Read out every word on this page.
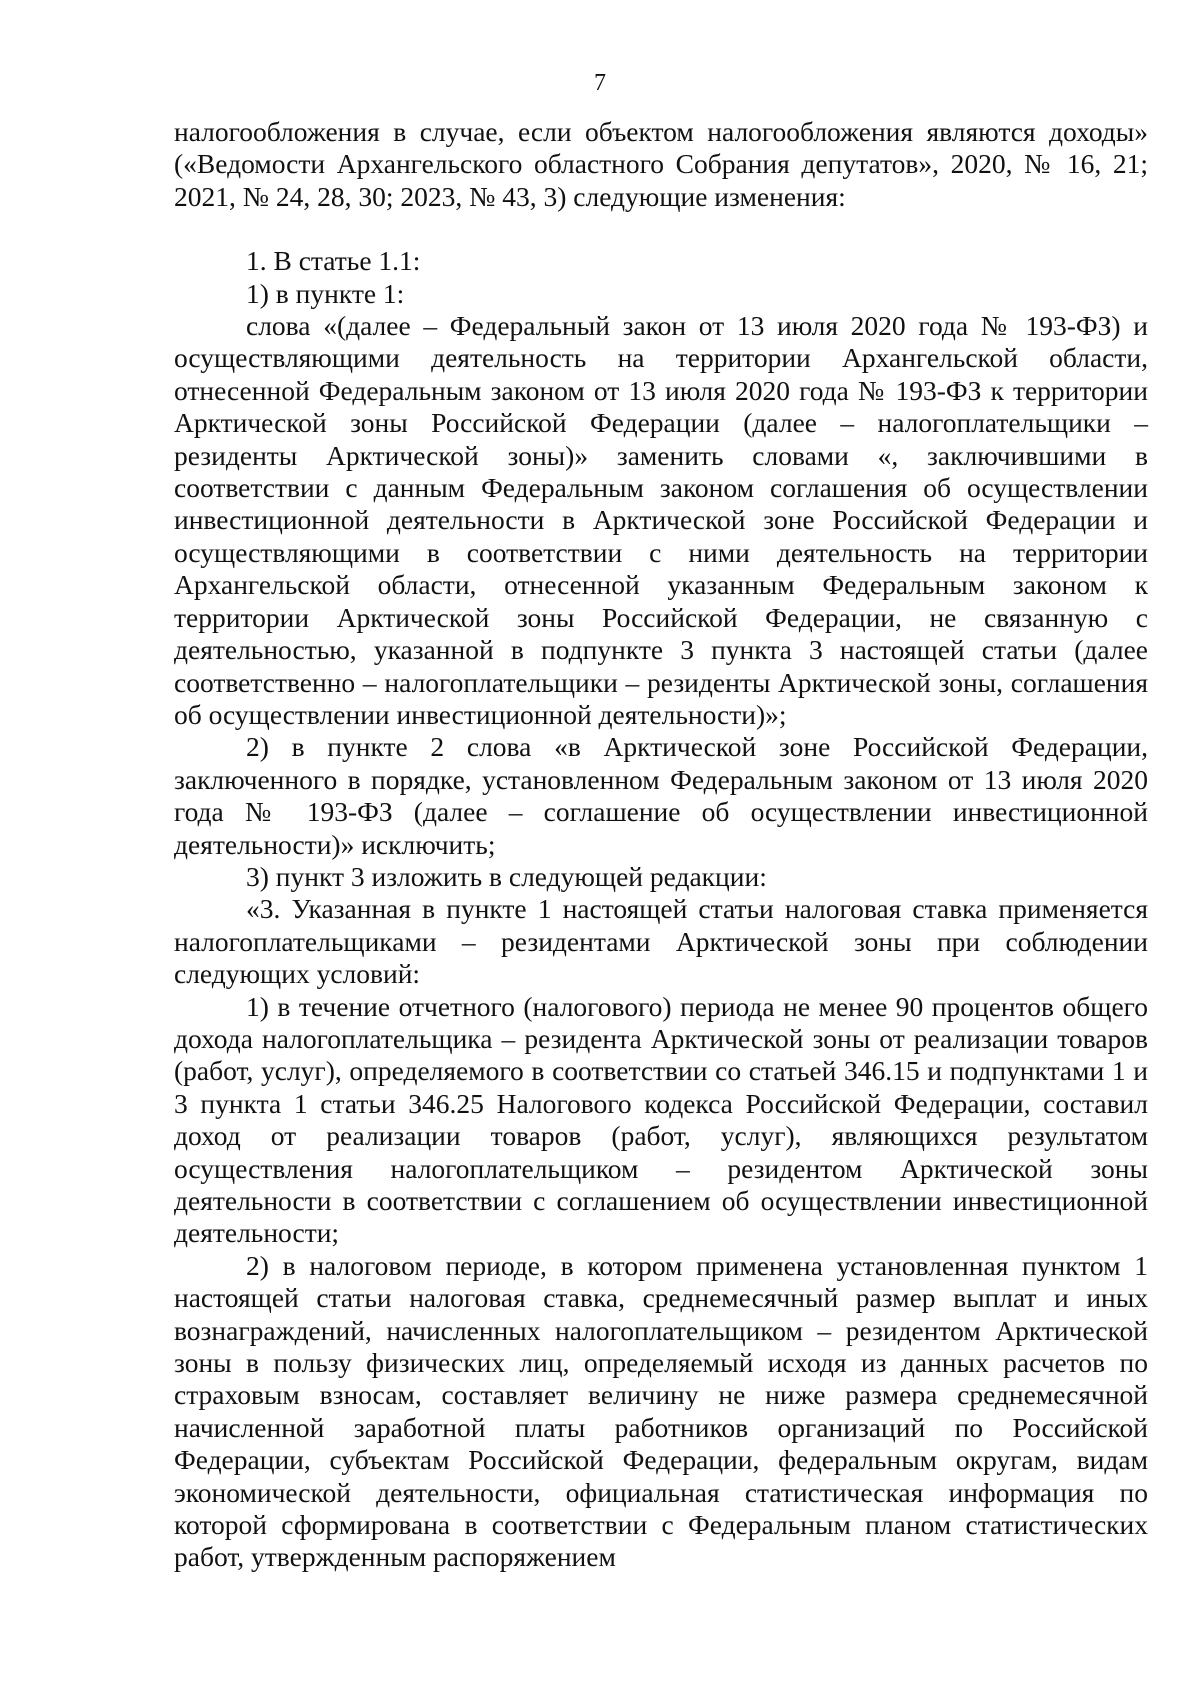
7

налогообложения в случае, если объектом налогообложения являются доходы» («Ведомости Архангельского областного Собрания депутатов», 2020, № 16, 21; 2021, № 24, 28, 30; 2023, № 43, 3) следующие изменения:

1. В статье 1.1:

1) в пункте 1:

слова «(далее – Федеральный закон от 13 июля 2020 года № 193-ФЗ) и осуществляющими деятельность на территории Архангельской области, отнесенной Федеральным законом от 13 июля 2020 года № 193-ФЗ к территории Арктической зоны Российской Федерации (далее – налогоплательщики – резиденты Арктической зоны)» заменить словами «, заключившими в соответствии с данным Федеральным законом соглашения об осуществлении инвестиционной деятельности в Арктической зоне Российской Федерации и осуществляющими в соответствии с ними деятельность на территории Архангельской области, отнесенной указанным Федеральным законом к территории Арктической зоны Российской Федерации, не связанную с деятельностью, указанной в подпункте 3 пункта 3 настоящей статьи (далее соответственно – налогоплательщики – резиденты Арктической зоны, соглашения об осуществлении инвестиционной деятельности)»;

2) в пункте 2 слова «в Арктической зоне Российской Федерации, заключенного в порядке, установленном Федеральным законом от 13 июля 2020 года № 193-ФЗ (далее – соглашение об осуществлении инвестиционной деятельности)» исключить;

3) пункт 3 изложить в следующей редакции:

«3. Указанная в пункте 1 настоящей статьи налоговая ставка применяется налогоплательщиками – резидентами Арктической зоны при соблюдении следующих условий:

1) в течение отчетного (налогового) периода не менее 90 процентов общего дохода налогоплательщика – резидента Арктической зоны от реализации товаров (работ, услуг), определяемого в соответствии со статьей 346.15 и подпунктами 1 и 3 пункта 1 статьи 346.25 Налогового кодекса Российской Федерации, составил доход от реализации товаров (работ, услуг), являющихся результатом осуществления налогоплательщиком – резидентом Арктической зоны деятельности в соответствии с соглашением об осуществлении инвестиционной деятельности;

2) в налоговом периоде, в котором применена установленная пунктом 1 настоящей статьи налоговая ставка, среднемесячный размер выплат и иных вознаграждений, начисленных налогоплательщиком – резидентом Арктической зоны в пользу физических лиц, определяемый исходя из данных расчетов по страховым взносам, составляет величину не ниже размера среднемесячной начисленной заработной платы работников организаций по Российской Федерации, субъектам Российской Федерации, федеральным округам, видам экономической деятельности, официальная статистическая информация по которой сформирована в соответствии с Федеральным планом статистических работ, утвержденным распоряжением
